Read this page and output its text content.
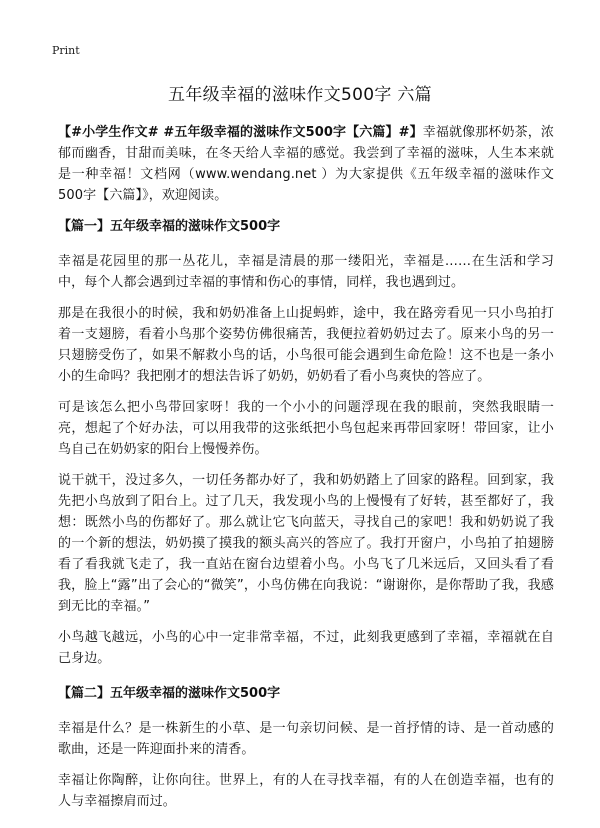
Print
五年级幸福的滋味作文500字 六篇

【#小学生作文# #五年级幸福的滋味作文500字【六篇】#】幸福就像那杯奶茶，浓郁而幽香，甘甜而美味，在冬天给人幸福的感觉。我尝到了幸福的滋味，人生本来就是一种幸福！文档网（www.wendang.net ）为大家提供《五年级幸福的滋味作文500字【六篇】》，欢迎阅读。

【篇一】五年级幸福的滋味作文500字

幸福是花园里的那一丛花儿，幸福是清晨的那一缕阳光，幸福是……在生活和学习中，每个人都会遇到过幸福的事情和伤心的事情，同样，我也遇到过。

那是在我很小的时候，我和奶奶准备上山捉蚂蚱，途中，我在路旁看见一只小鸟拍打着一支翅膀，看着小鸟那个姿势仿佛很痛苦，我便拉着奶奶过去了。原来小鸟的另一只翅膀受伤了，如果不解救小鸟的话，小鸟很可能会遇到生命危险！这不也是一条小小的生命吗？我把刚才的想法告诉了奶奶，奶奶看了看小鸟爽快的答应了。

可是该怎么把小鸟带回家呀！我的一个小小的问题浮现在我的眼前，突然我眼睛一亮，想起了个好办法，可以用我带的这张纸把小鸟包起来再带回家呀！带回家，让小鸟自己在奶奶家的阳台上慢慢养伤。

说干就干，没过多久，一切任务都办好了，我和奶奶踏上了回家的路程。回到家，我先把小鸟放到了阳台上。过了几天，我发现小鸟的上慢慢有了好转，甚至都好了，我想：既然小鸟的伤都好了。那么就让它飞向蓝天，寻找自己的家吧！我和奶奶说了我的一个新的想法，奶奶摸了摸我的额头高兴的答应了。我打开窗户，小鸟拍了拍翅膀看了看我就飞走了，我一直站在窗台边望着小鸟。小鸟飞了几米远后，又回头看了看我，脸上“露”出了会心的“微笑”，小鸟仿佛在向我说：“谢谢你，是你帮助了我，我感到无比的幸福。”

小鸟越飞越远，小鸟的心中一定非常幸福，不过，此刻我更感到了幸福，幸福就在自己身边。

【篇二】五年级幸福的滋味作文500字

幸福是什么？是一株新生的小草、是一句亲切问候、是一首抒情的诗、是一首动感的歌曲，还是一阵迎面扑来的清香。

幸福让你陶醉，让你向往。世界上，有的人在寻找幸福，有的人在创造幸福，也有的人与幸福擦肩而过。
